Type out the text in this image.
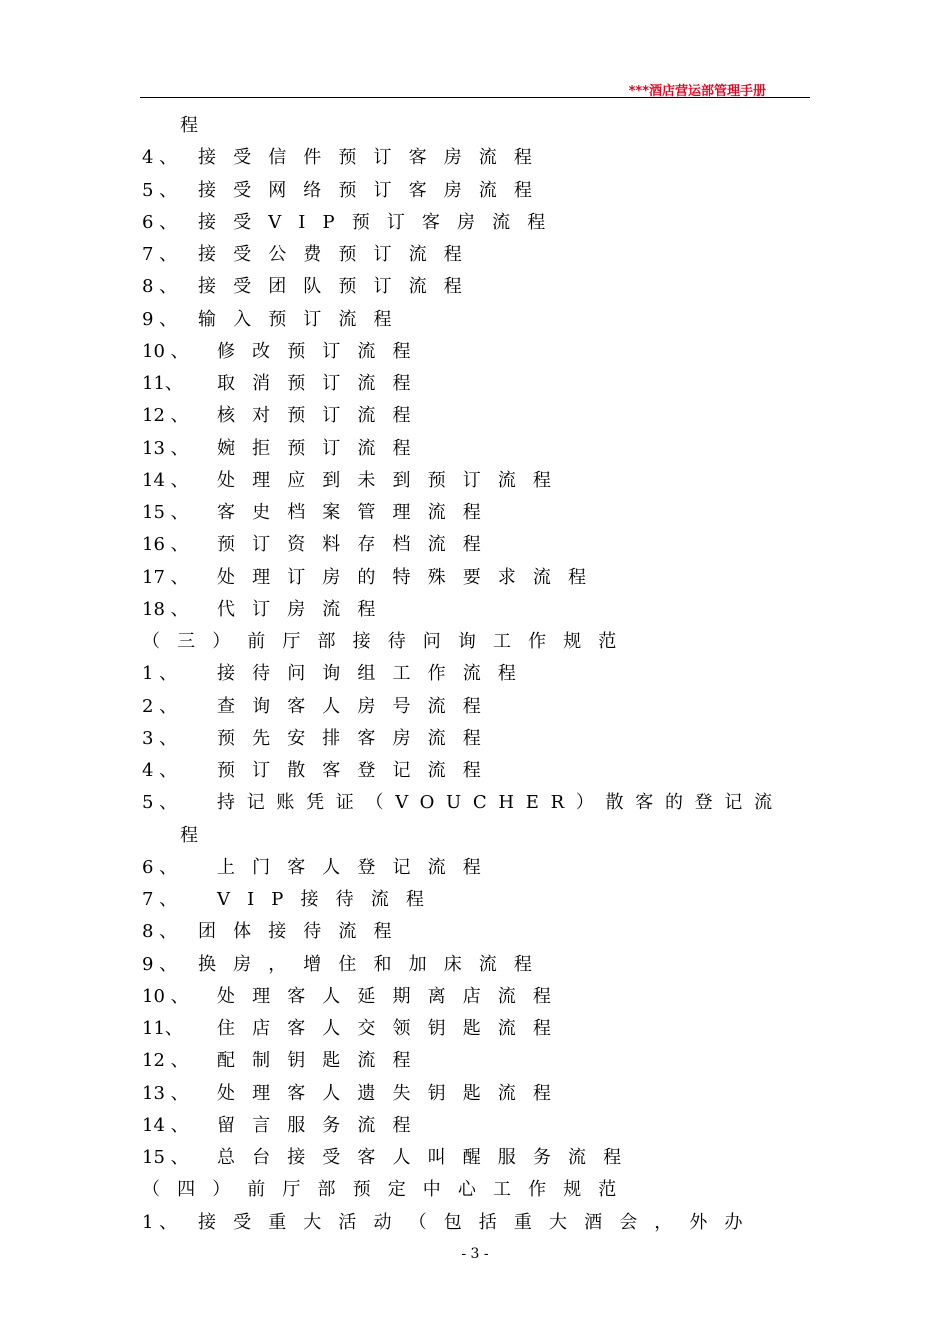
***酒店营运部管理手册
程
4 、 接受信件预订客房流程
5 、 接受网络预订客房流程
6 、 接受VIP预订客房流程
7 、 接受公费预订流程
8 、 接受团队预订流程
9 、 输入预订流程
10 、 修改预订流程
11、 取消预订流程
12 、 核对预订流程
13 、 婉拒预订流程
14 、 处理应到未到预订流程
15 、 客史档案管理流程
16 、 预订资料存档流程
17 、 处理订房的特殊要求流程
18 、 代订房流程
（三）前厅部接待问询工作规范
1 、 接待问询组工作流程
2 、 查询客人房号流程
3 、 预先安排客房流程
4 、 预订散客登记流程
5 、 持记账凭证（VOUCHER）散客的登记流
程
6 、 上门客人登记流程
7 、 VIP接待流程
8 、 团体接待流程
9 、 换房，增住和加床流程
10 、 处理客人延期离店流程
11、 住店客人交领钥匙流程
12 、 配制钥匙流程
13 、 处理客人遗失钥匙流程
14 、 留言服务流程
15 、 总台接受客人叫醒服务流程
（四）前厅部预定中心工作规范
1 、 接受重大活动（包括重大酒会，外办
- 3 -
